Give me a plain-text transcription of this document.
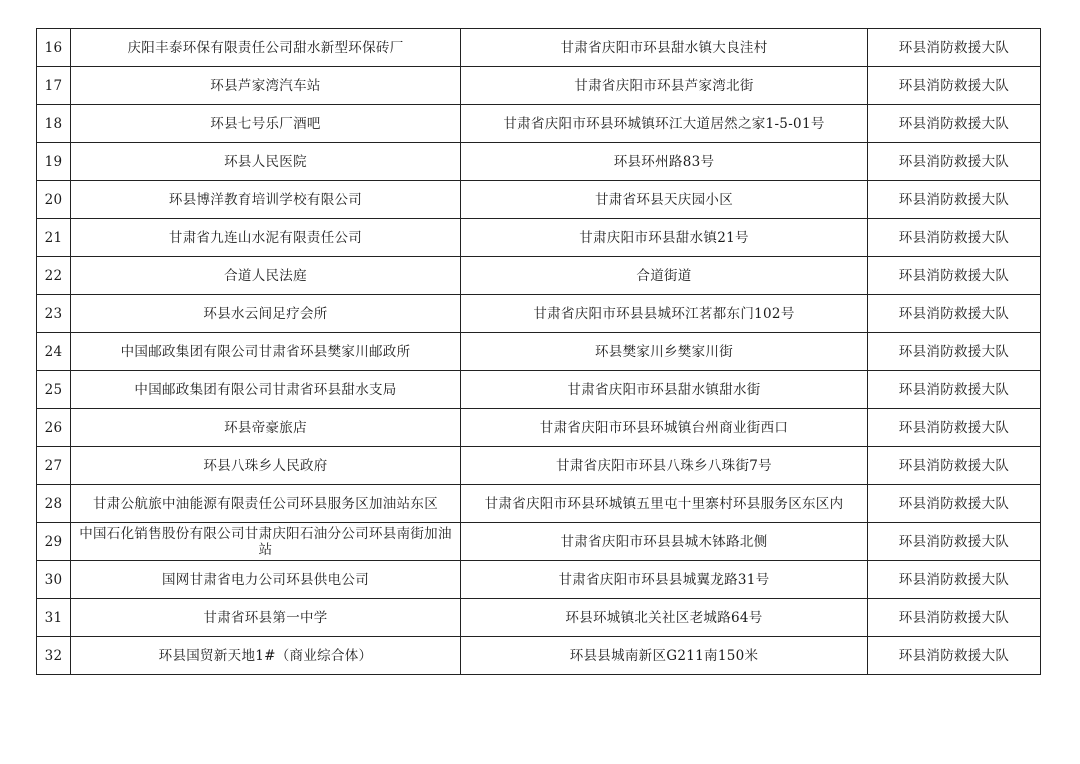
16	庆阳丰泰环保有限责任公司甜水新型环保砖厂	甘肃省庆阳市环县甜水镇大良洼村	环县消防救援大队
17	环县芦家湾汽车站	甘肃省庆阳市环县芦家湾北街	环县消防救援大队
18	环县七号乐厂酒吧	甘肃省庆阳市环县环城镇环江大道居然之家1-5-01号	环县消防救援大队
19	环县人民医院	环县环州路83号	环县消防救援大队
20	环县博洋教育培训学校有限公司	甘肃省环县天庆园小区	环县消防救援大队
21	甘肃省九连山水泥有限责任公司	甘肃庆阳市环县甜水镇21号	环县消防救援大队
22	合道人民法庭	合道街道	环县消防救援大队
23	环县水云间足疗会所	甘肃省庆阳市环县县城环江茗都东门102号	环县消防救援大队
24	中国邮政集团有限公司甘肃省环县樊家川邮政所	环县樊家川乡樊家川街	环县消防救援大队
25	中国邮政集团有限公司甘肃省环县甜水支局	甘肃省庆阳市环县甜水镇甜水街	环县消防救援大队
26	环县帝豪旅店	甘肃省庆阳市环县环城镇台州商业街西口	环县消防救援大队
27	环县八珠乡人民政府	甘肃省庆阳市环县八珠乡八珠街7号	环县消防救援大队
28	甘肃公航旅中油能源有限责任公司环县服务区加油站东区	甘肃省庆阳市环县环城镇五里屯十里寨村环县服务区东区内	环县消防救援大队
29	中国石化销售股份有限公司甘肃庆阳石油分公司环县南街加油站	甘肃省庆阳市环县县城木钵路北侧	环县消防救援大队
30	国网甘肃省电力公司环县供电公司	甘肃省庆阳市环县县城翼龙路31号	环县消防救援大队
31	甘肃省环县第一中学	环县环城镇北关社区老城路64号	环县消防救援大队
32	环县国贸新天地1#（商业综合体）	环县县城南新区G211南150米	环县消防救援大队
